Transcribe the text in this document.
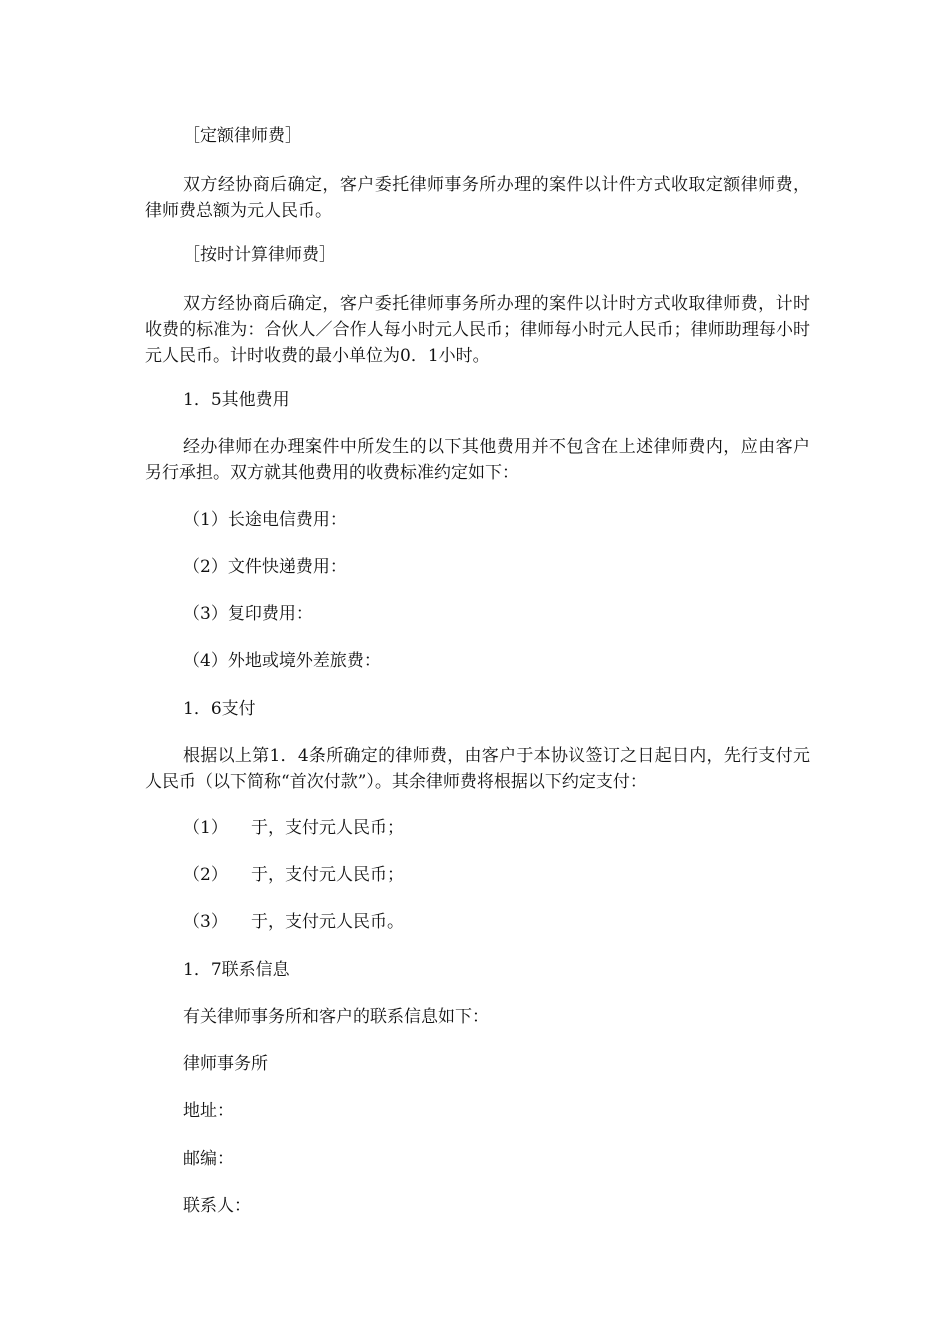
［定额律师费］

双方经协商后确定，客户委托律师事务所办理的案件以计件方式收取定额律师费，律师费总额为元人民币。

［按时计算律师费］

双方经协商后确定，客户委托律师事务所办理的案件以计时方式收取律师费，计时收费的标准为：合伙人／合作人每小时元人民币；律师每小时元人民币；律师助理每小时元人民币。计时收费的最小单位为0．1小时。

1．5其他费用

经办律师在办理案件中所发生的以下其他费用并不包含在上述律师费内，应由客户另行承担。双方就其他费用的收费标准约定如下：

（1）长途电信费用：

（2）文件快递费用：

（3）复印费用：

（4）外地或境外差旅费：

1．6支付

根据以上第1．4条所确定的律师费，由客户于本协议签订之日起日内，先行支付元人民币（以下简称“首次付款”）。其余律师费将根据以下约定支付：

（1） 于，支付元人民币；

（2） 于，支付元人民币；

（3） 于，支付元人民币。

1．7联系信息

有关律师事务所和客户的联系信息如下：

律师事务所

地址：

邮编：

联系人：
